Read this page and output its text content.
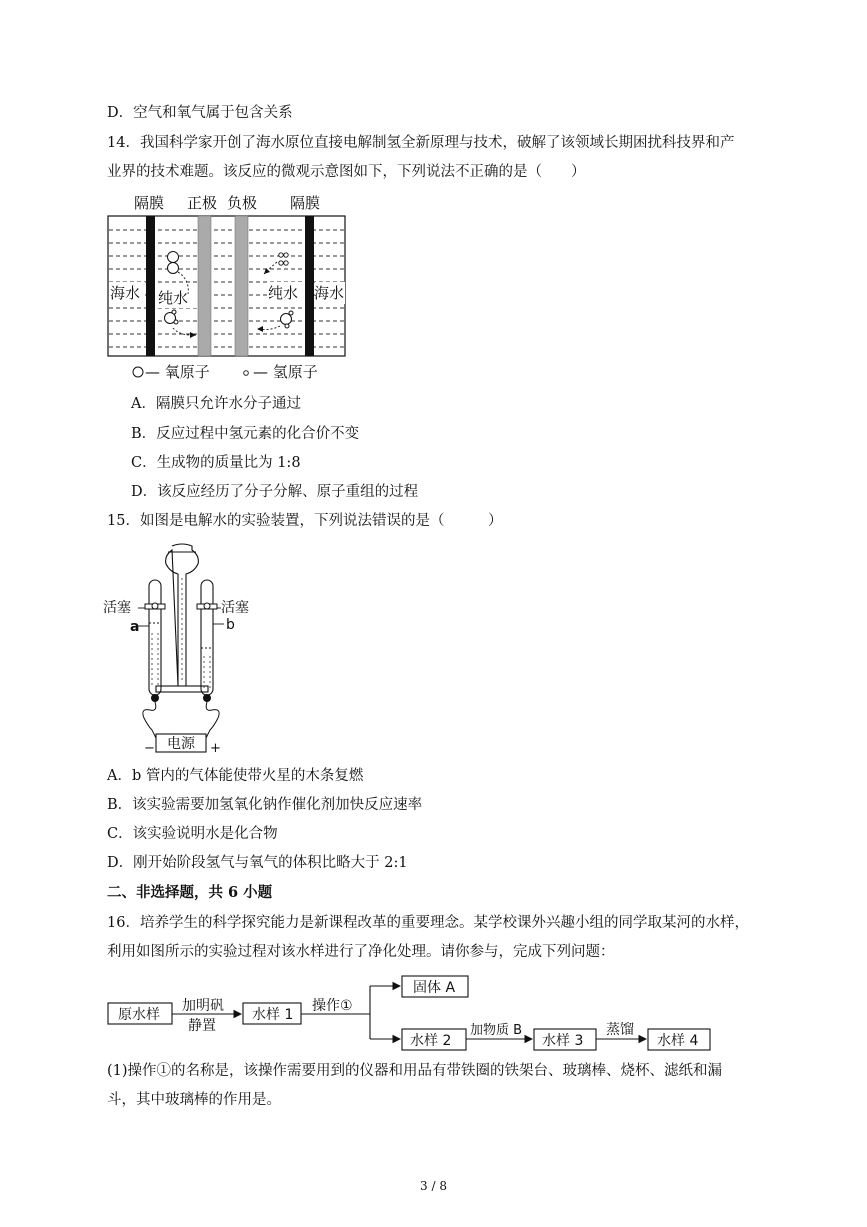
D．空气和氧气属于包含关系
14．我国科学家开创了海水原位直接电解制氢全新原理与技术，破解了该领域长期困扰科技界和产
业界的技术难题。该反应的微观示意图如下，下列说法不正确的是（　　）
隔膜 正极 负极 隔膜
海水 纯水	纯水 海水
— 氧原子	— 氢原子
A．隔膜只允许水分子通过
B．反应过程中氢元素的化合价不变
C．生成物的质量比为 1:8
D．该反应经历了分子分解、原子重组的过程
15．如图是电解水的实验装置，下列说法错误的是（　　　）
活塞	活塞
a	b
电源
−	+
A．b 管内的气体能使带火星的木条复燃
B．该实验需要加氢氧化钠作催化剂加快反应速率
C．该实验说明水是化合物
D．刚开始阶段氢气与氧气的体积比略大于 2:1
二、非选择题，共 6 小题
16．培养学生的科学探究能力是新课程改革的重要理念。某学校课外兴趣小组的同学取某河的水样，
利用如图所示的实验过程对该水样进行了净化处理。请你参与，完成下列问题：
原水样
加明矾
静置
水样 1
操作①
固体 A
水样 2
加物质 B
水样 3
蒸馏
水样 4
(1)操作①的名称是，该操作需要用到的仪器和用品有带铁圈的铁架台、玻璃棒、烧杯、滤纸和漏
斗，其中玻璃棒的作用是。
3 / 8
